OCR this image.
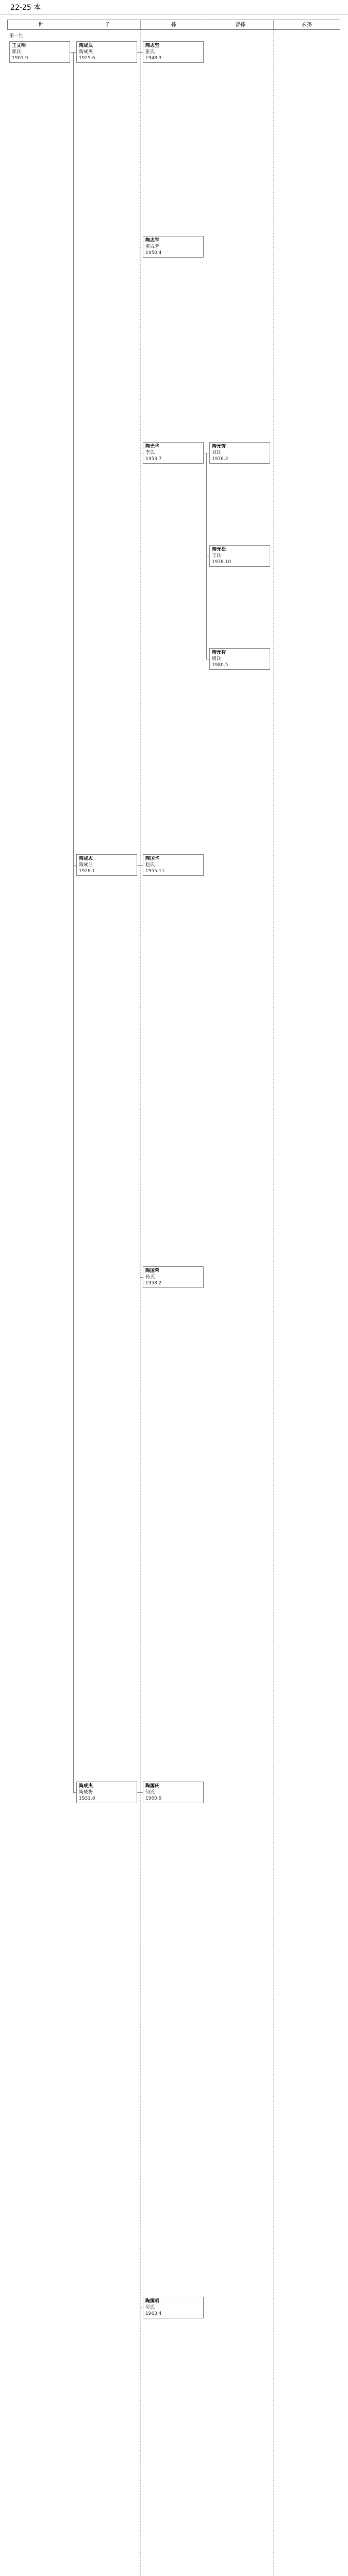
22-25 本
世	子	孫	曾孫	玄孫
第一世
王文明
郭氏
1901.9
陶成武
陶成英
1925.6
陶成志
陶成兰
1928.1
陶成杰
陶成梅
1931.8
陶志坚
张氏
1948.3
陶志军
黄成芳
1950.4
陶光华
李氏
1953.7
陶国华
赵氏
1955.11
陶国荣
孙氏
1958.2
陶国庆
何氏
1960.9
陶国明
吴氏
1963.4
陶元芳
刘氏
1976.2
陶元松
王氏
1978.10
陶元智
周氏
1980.5
